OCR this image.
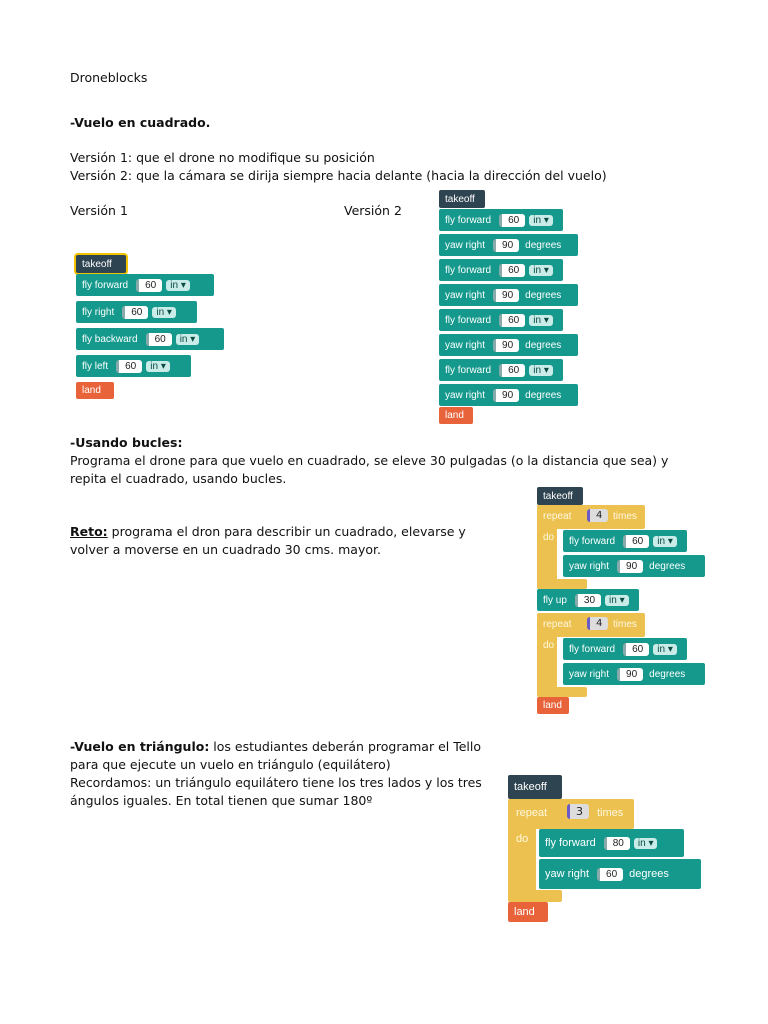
Droneblocks
-Vuelo en cuadrado.
Versión 1: que el drone no modifique su posición
Versión 2: que la cámara se dirija siempre hacia delante (hacia la dirección del vuelo)
Versión 1	Versión 2
-Usando bucles:
Programa el drone para que vuelo en cuadrado, se eleve 30 pulgadas (o la distancia que sea) y
repita el cuadrado, usando bucles.
Reto: programa el dron para describir un cuadrado, elevarse y
volver a moverse en un cuadrado 30 cms. mayor.
-Vuelo en triángulo: los estudiantes deberán programar el Tello
para que ejecute un vuelo en triángulo (equilátero)
Recordamos: un triángulo equilátero tiene los tres lados y los tres
ángulos iguales. En total tienen que sumar 180º
takeoff
fly forward	60	in ▾
fly right	60	in ▾
fly backward	60	in ▾
fly left	60	in ▾
land
takeoff
fly forward	60	in ▾
yaw right	90	degrees
fly forward	60	in ▾
yaw right	90	degrees
fly forward	60	in ▾
yaw right	90	degrees
fly forward	60	in ▾
yaw right	90	degrees
land
takeoff
repeat	4	times
do fly forward	60	in ▾
yaw right	90	degrees
fly up	30	in ▾
repeat	4	times
do fly forward	60	in ▾
yaw right	90	degrees
land
takeoff
repeat	3	times
do fly forward	80	in ▾
yaw right	60	degrees
land
